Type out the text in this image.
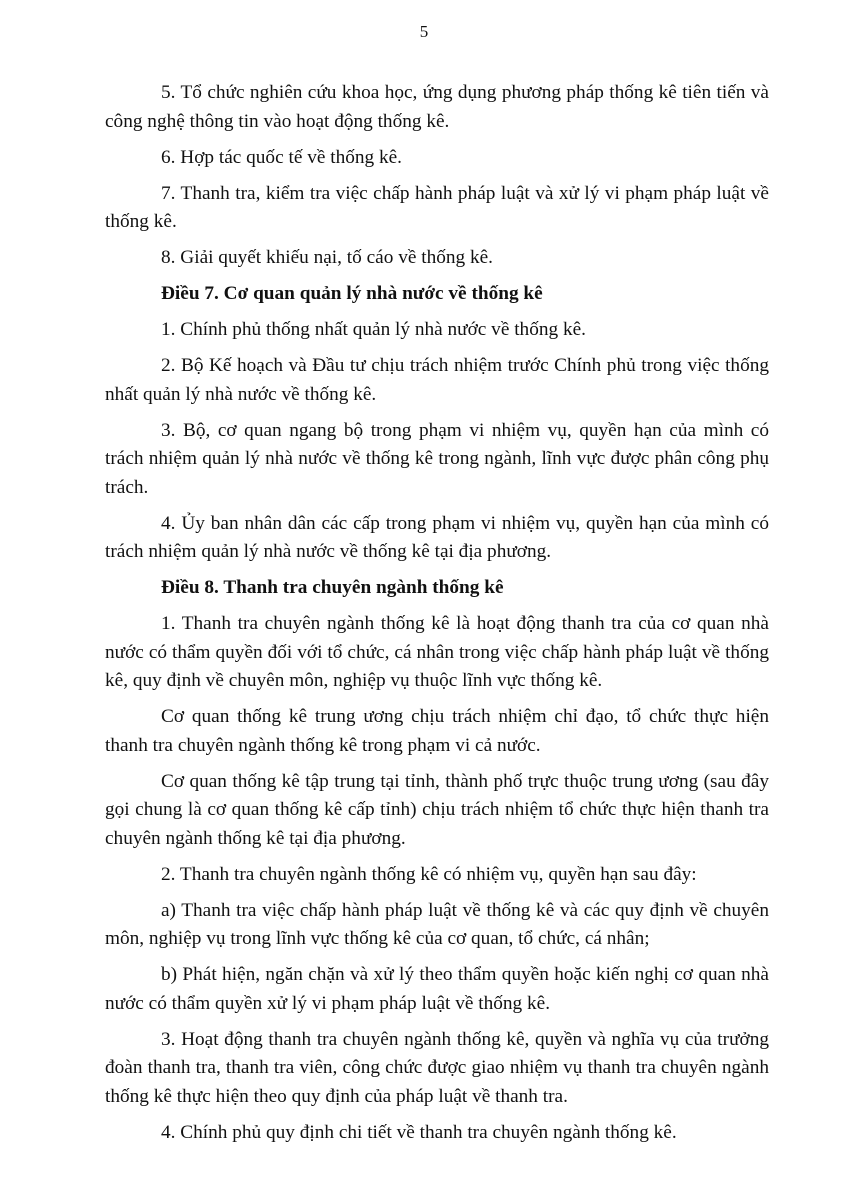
5

5. Tổ chức nghiên cứu khoa học, ứng dụng phương pháp thống kê tiên tiến và công nghệ thông tin vào hoạt động thống kê.

6. Hợp tác quốc tế về thống kê.

7. Thanh tra, kiểm tra việc chấp hành pháp luật và xử lý vi phạm pháp luật về thống kê.

8. Giải quyết khiếu nại, tố cáo về thống kê.

Điều 7. Cơ quan quản lý nhà nước về thống kê

1. Chính phủ thống nhất quản lý nhà nước về thống kê.

2. Bộ Kế hoạch và Đầu tư chịu trách nhiệm trước Chính phủ trong việc thống nhất quản lý nhà nước về thống kê.

3. Bộ, cơ quan ngang bộ trong phạm vi nhiệm vụ, quyền hạn của mình có trách nhiệm quản lý nhà nước về thống kê trong ngành, lĩnh vực được phân công phụ trách.

4. Ủy ban nhân dân các cấp trong phạm vi nhiệm vụ, quyền hạn của mình có trách nhiệm quản lý nhà nước về thống kê tại địa phương.

Điều 8. Thanh tra chuyên ngành thống kê

1. Thanh tra chuyên ngành thống kê là hoạt động thanh tra của cơ quan nhà nước có thẩm quyền đối với tổ chức, cá nhân trong việc chấp hành pháp luật về thống kê, quy định về chuyên môn, nghiệp vụ thuộc lĩnh vực thống kê.

Cơ quan thống kê trung ương chịu trách nhiệm chỉ đạo, tổ chức thực hiện thanh tra chuyên ngành thống kê trong phạm vi cả nước.

Cơ quan thống kê tập trung tại tỉnh, thành phố trực thuộc trung ương (sau đây gọi chung là cơ quan thống kê cấp tỉnh) chịu trách nhiệm tổ chức thực hiện thanh tra chuyên ngành thống kê tại địa phương.

2. Thanh tra chuyên ngành thống kê có nhiệm vụ, quyền hạn sau đây:

a) Thanh tra việc chấp hành pháp luật về thống kê và các quy định về chuyên môn, nghiệp vụ trong lĩnh vực thống kê của cơ quan, tổ chức, cá nhân;

b) Phát hiện, ngăn chặn và xử lý theo thẩm quyền hoặc kiến nghị cơ quan nhà nước có thẩm quyền xử lý vi phạm pháp luật về thống kê.

3. Hoạt động thanh tra chuyên ngành thống kê, quyền và nghĩa vụ của trưởng đoàn thanh tra, thanh tra viên, công chức được giao nhiệm vụ thanh tra chuyên ngành thống kê thực hiện theo quy định của pháp luật về thanh tra.

4. Chính phủ quy định chi tiết về thanh tra chuyên ngành thống kê.
